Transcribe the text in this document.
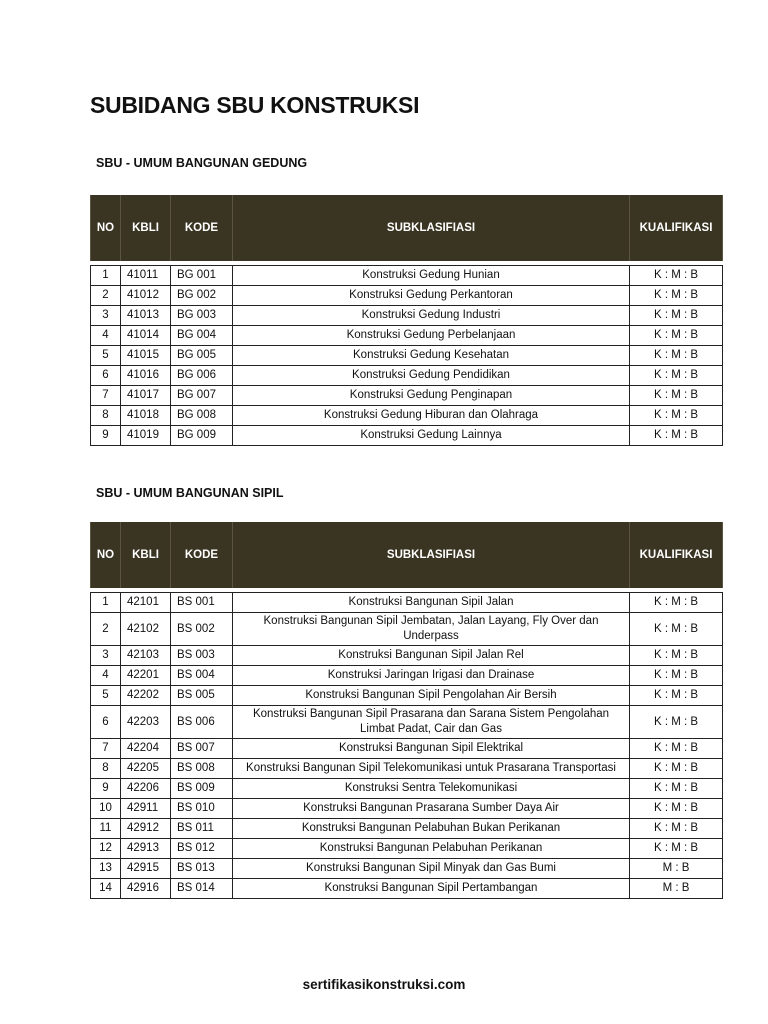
SUBIDANG SBU KONSTRUKSI
SBU - UMUM BANGUNAN GEDUNG
NO	KBLI	KODE	SUBKLASIFIASI	KUALIFIKASI

1	41011	BG 001	Konstruksi Gedung Hunian	K : M : B
2	41012	BG 002	Konstruksi Gedung Perkantoran	K : M : B
3	41013	BG 003	Konstruksi Gedung Industri	K : M : B
4	41014	BG 004	Konstruksi Gedung Perbelanjaan	K : M : B
5	41015	BG 005	Konstruksi Gedung Kesehatan	K : M : B
6	41016	BG 006	Konstruksi Gedung Pendidikan	K : M : B
7	41017	BG 007	Konstruksi Gedung Penginapan	K : M : B
8	41018	BG 008	Konstruksi Gedung Hiburan dan Olahraga	K : M : B
9	41019	BG 009	Konstruksi Gedung Lainnya	K : M : B
SBU - UMUM BANGUNAN SIPIL
NO	KBLI	KODE	SUBKLASIFIASI	KUALIFIKASI

1	42101	BS 001	Konstruksi Bangunan Sipil Jalan	K : M : B
2	42102	BS 002	Konstruksi Bangunan Sipil Jembatan, Jalan Layang, Fly Over dan Underpass	K : M : B
3	42103	BS 003	Konstruksi Bangunan Sipil Jalan Rel	K : M : B
4	42201	BS 004	Konstruksi Jaringan Irigasi dan Drainase	K : M : B
5	42202	BS 005	Konstruksi Bangunan Sipil Pengolahan Air Bersih	K : M : B
6	42203	BS 006	Konstruksi Bangunan Sipil Prasarana dan Sarana Sistem Pengolahan Limbat Padat, Cair dan Gas	K : M : B
7	42204	BS 007	Konstruksi Bangunan Sipil Elektrikal	K : M : B
8	42205	BS 008	Konstruksi Bangunan Sipil Telekomunikasi untuk Prasarana Transportasi	K : M : B
9	42206	BS 009	Konstruksi Sentra Telekomunikasi	K : M : B
10	42911	BS 010	Konstruksi Bangunan Prasarana Sumber Daya Air	K : M : B
11	42912	BS 011	Konstruksi Bangunan Pelabuhan Bukan Perikanan	K : M : B
12	42913	BS 012	Konstruksi Bangunan Pelabuhan Perikanan	K : M : B
13	42915	BS 013	Konstruksi Bangunan Sipil Minyak dan Gas Bumi	M : B
14	42916	BS 014	Konstruksi Bangunan Sipil Pertambangan	M : B
sertifikasikonstruksi.com
